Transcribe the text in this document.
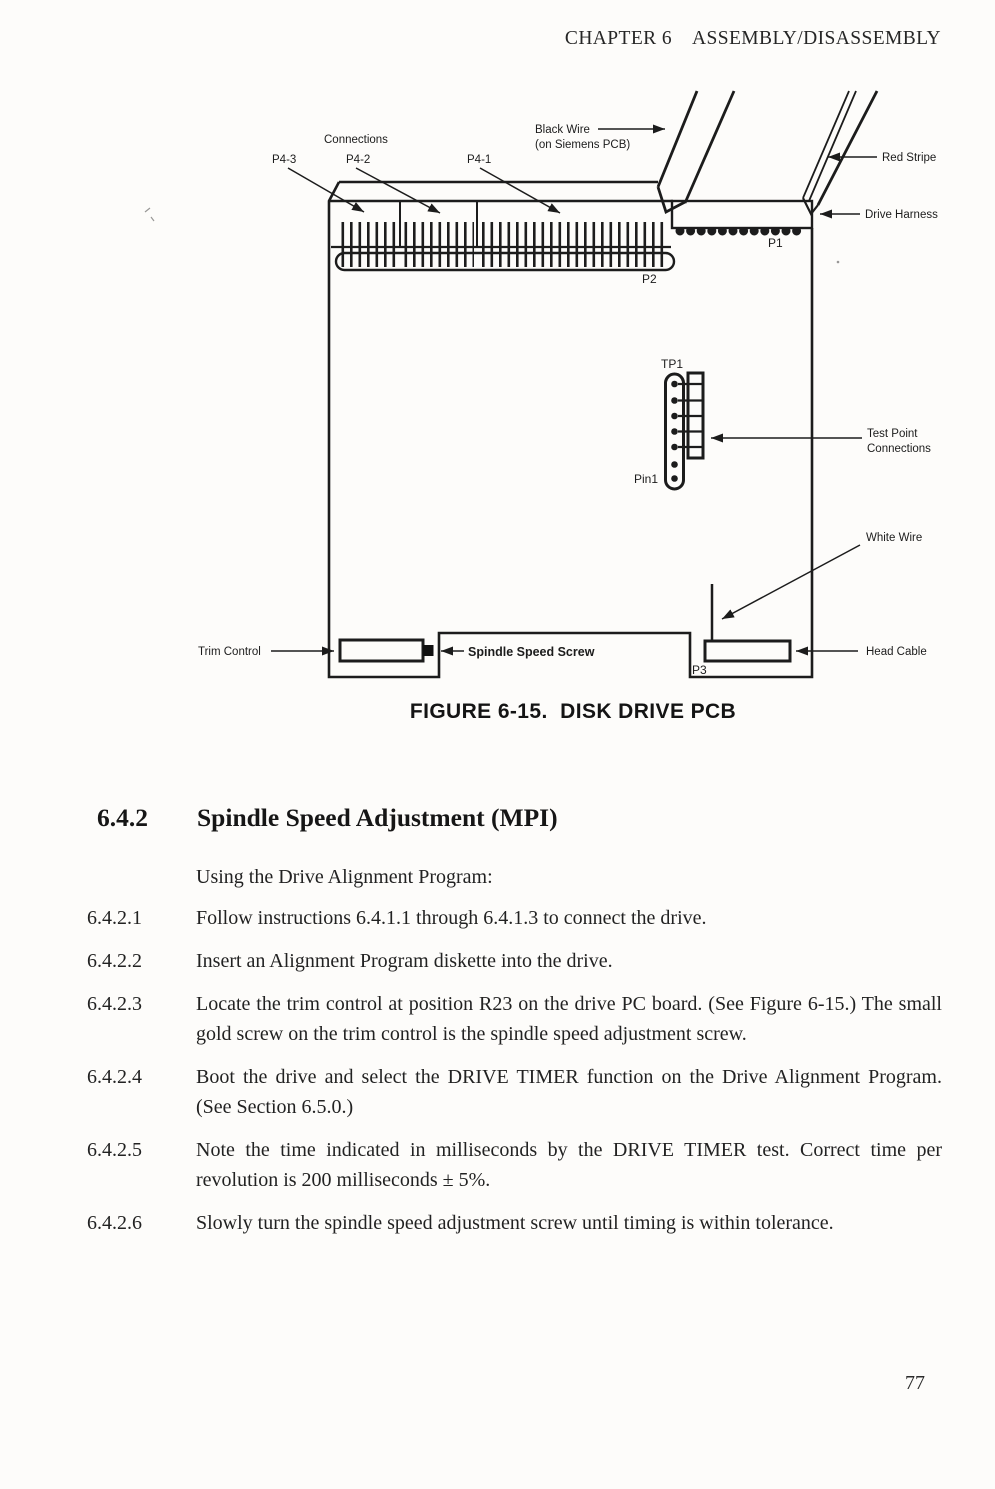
CHAPTER 6    ASSEMBLY/DISASSEMBLY
Connections
P4-3	P4-2	P4-1
Black Wire
(on Siemens PCB)
Red Stripe
Drive Harness
P1
P2
TP1
Pin1
Test Point
Connections
White Wire
Head Cable
P3
Trim Control	Spindle Speed Screw
FIGURE 6-15.  DISK DRIVE PCB
6.4.2 Spindle Speed Adjustment (MPI)
Using the Drive Alignment Program:
6.4.2.1	Follow instructions 6.4.1.1 through 6.4.1.3 to connect the drive.
6.4.2.2	Insert an Alignment Program diskette into the drive.
6.4.2.3	Locate the trim control at position R23 on the drive PC board. (See Figure 6-15.) The small gold screw on the trim control is the spindle speed adjustment screw.
6.4.2.4	Boot the drive and select the DRIVE TIMER function on the Drive Alignment Program. (See Section 6.5.0.)
6.4.2.5	Note the time indicated in milliseconds by the DRIVE TIMER test. Correct time per revolution is 200 milliseconds ± 5%.
6.4.2.6	Slowly turn the spindle speed adjustment screw until timing is within tolerance.
77
